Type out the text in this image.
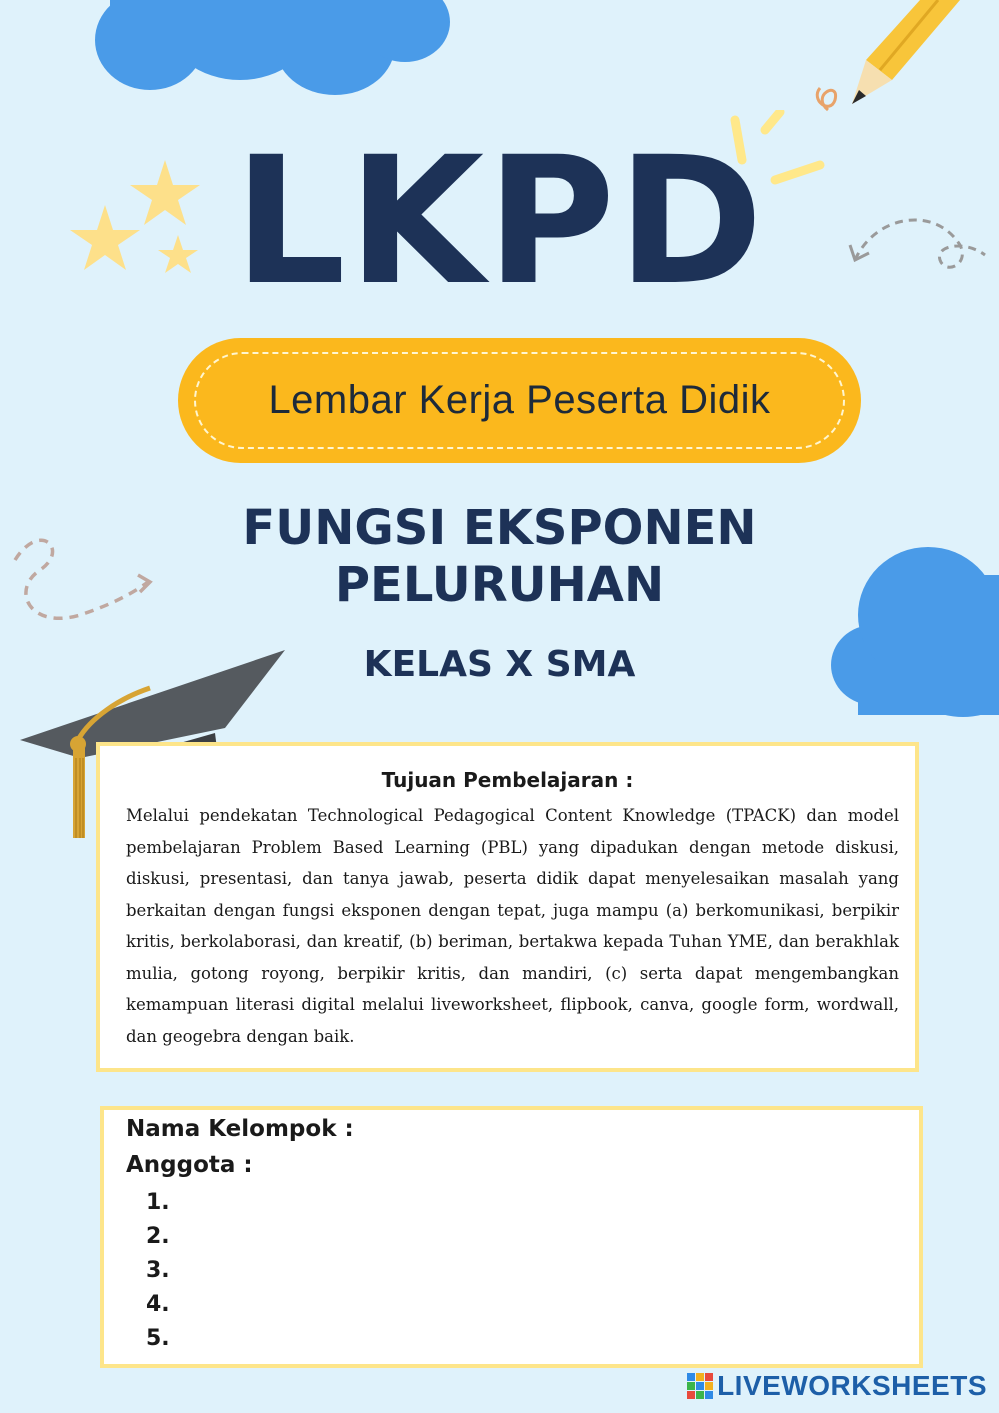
LKPD
Lembar Kerja Peserta Didik
FUNGSI EKSPONEN
PELURUHAN
KELAS X SMA
Tujuan Pembelajaran :
Melalui pendekatan Technological Pedagogical Content Knowledge (TPACK) dan model pembelajaran Problem Based Learning (PBL) yang dipadukan dengan metode diskusi, diskusi, presentasi, dan tanya jawab, peserta didik dapat menyelesaikan masalah yang berkaitan dengan fungsi eksponen dengan tepat, juga mampu (a) berkomunikasi, berpikir kritis, berkolaborasi, dan kreatif, (b) beriman, bertakwa kepada Tuhan YME, dan berakhlak mulia, gotong royong, berpikir kritis, dan mandiri, (c) serta dapat mengembangkan kemampuan literasi digital melalui liveworksheet, flipbook, canva, google form, wordwall, dan geogebra dengan baik.
Nama Kelompok :
Anggota :
1.
2.
3.
4.
5.
LIVEWORKSHEETS
